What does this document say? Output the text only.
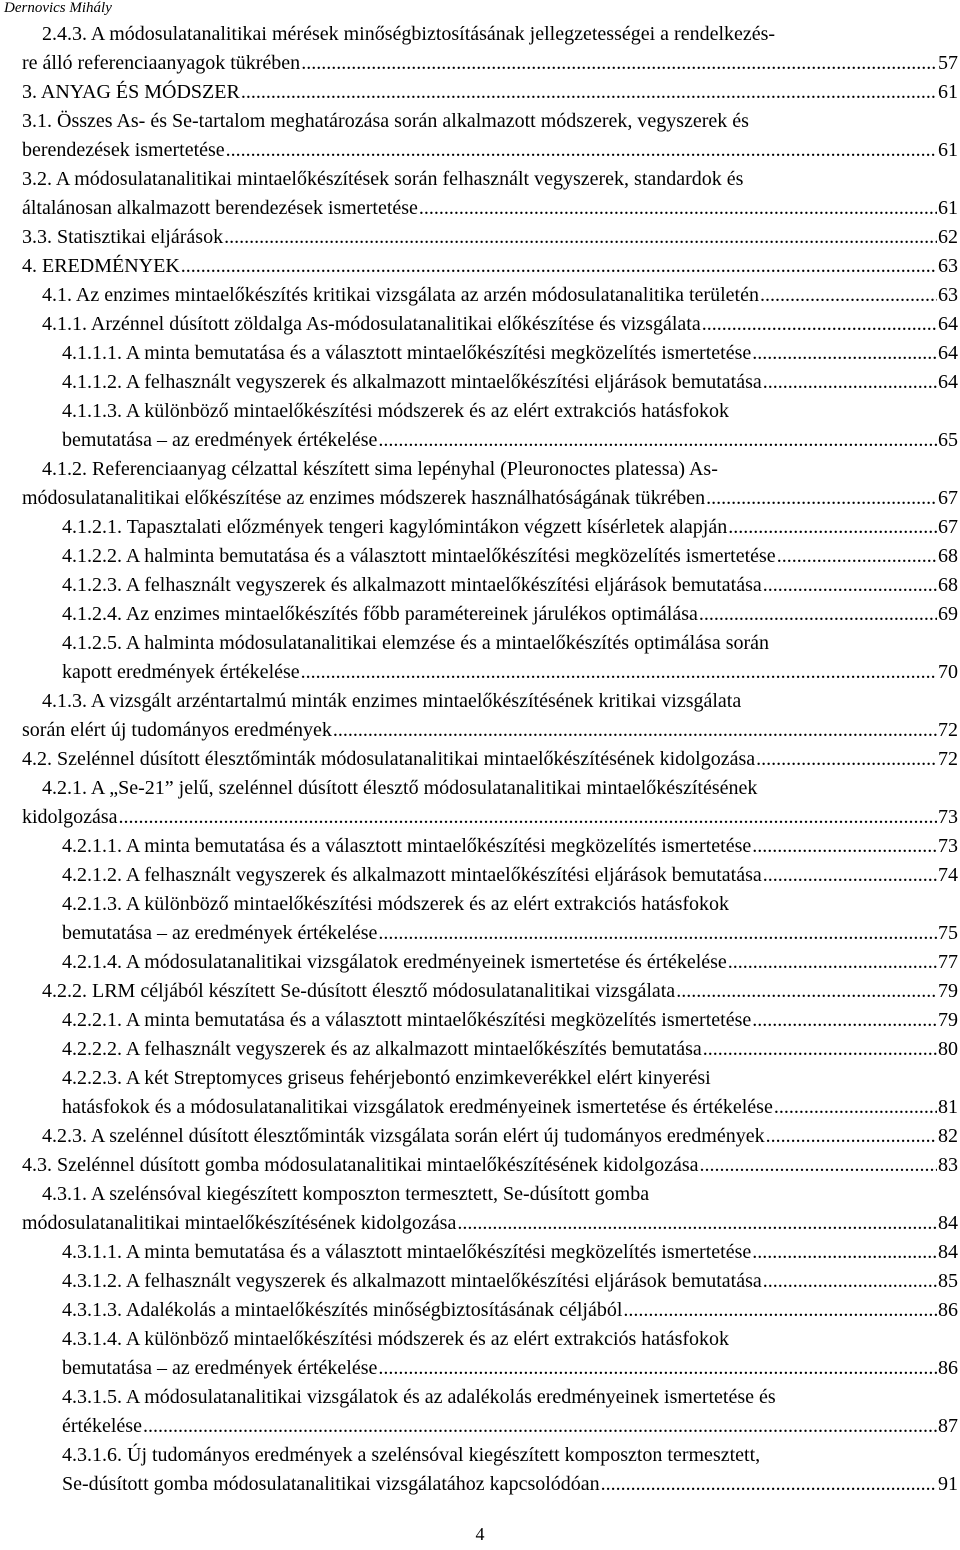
Dernovics Mihály
2.4.3. A módosulatanalitikai mérések minőségbiztosításának jellegzetességei a rendelkezés-
re álló referenciaanyagok tükrében .....	57
3. ANYAG ÉS MÓDSZER .....	61
3.1. Összes As- és Se-tartalom meghatározása során alkalmazott módszerek, vegyszerek és
berendezések ismertetése .....	61
3.2. A módosulatanalitikai mintaelőkészítések során felhasznált vegyszerek, standardok és
általánosan alkalmazott berendezések ismertetése .....	61
3.3. Statisztikai eljárások .....	62
4. EREDMÉNYEK .....	63
4.1. Az enzimes mintaelőkészítés kritikai vizsgálata az arzén módosulatanalitika területén .....	63
4.1.1. Arzénnel dúsított zöldalga As-módosulatanalitikai előkészítése és vizsgálata .....	64
4.1.1.1. A minta bemutatása és a választott mintaelőkészítési megközelítés ismertetése .....	64
4.1.1.2. A felhasznált vegyszerek és alkalmazott mintaelőkészítési eljárások bemutatása .....	64
4.1.1.3. A különböző mintaelőkészítési módszerek és az elért extrakciós hatásfokok
bemutatása – az eredmények értékelése .....	65
4.1.2. Referenciaanyag célzattal készített sima lepényhal (Pleuronoctes platessa) As-
módosulatanalitikai előkészítése az enzimes módszerek használhatóságának tükrében .....	67
4.1.2.1. Tapasztalati előzmények tengeri kagylómintákon végzett kísérletek alapján .....	67
4.1.2.2. A halminta bemutatása és a választott mintaelőkészítési megközelítés ismertetése .....	68
4.1.2.3. A felhasznált vegyszerek és alkalmazott mintaelőkészítési eljárások bemutatása .....	68
4.1.2.4. Az enzimes mintaelőkészítés főbb paramétereinek járulékos optimálása .....	69
4.1.2.5. A halminta módosulatanalitikai elemzése és a mintaelőkészítés optimálása során
kapott eredmények értékelése .....	70
4.1.3. A vizsgált arzéntartalmú minták enzimes mintaelőkészítésének kritikai vizsgálata
során elért új tudományos eredmények .....	72
4.2. Szelénnel dúsított élesztőminták módosulatanalitikai mintaelőkészítésének kidolgozása .....	72
4.2.1. A „Se-21” jelű, szelénnel dúsított élesztő módosulatanalitikai mintaelőkészítésének
kidolgozása .....	73
4.2.1.1. A minta bemutatása és a választott mintaelőkészítési megközelítés ismertetése .....	73
4.2.1.2. A felhasznált vegyszerek és alkalmazott mintaelőkészítési eljárások bemutatása .....	74
4.2.1.3. A különböző mintaelőkészítési módszerek és az elért extrakciós hatásfokok
bemutatása – az eredmények értékelése .....	75
4.2.1.4. A módosulatanalitikai vizsgálatok eredményeinek ismertetése és értékelése .....	77
4.2.2. LRM céljából készített Se-dúsított élesztő módosulatanalitikai vizsgálata .....	79
4.2.2.1. A minta bemutatása és a választott mintaelőkészítési megközelítés ismertetése .....	79
4.2.2.2. A felhasznált vegyszerek és az alkalmazott mintaelőkészítés bemutatása .....	80
4.2.2.3. A két Streptomyces griseus fehérjebontó enzimkeverékkel elért kinyerési
hatásfokok és a módosulatanalitikai vizsgálatok eredményeinek ismertetése és értékelése .....	81
4.2.3. A szelénnel dúsított élesztőminták vizsgálata során elért új tudományos eredmények .....	82
4.3. Szelénnel dúsított gomba módosulatanalitikai mintaelőkészítésének kidolgozása .....	83
4.3.1. A szelénsóval kiegészített komposzton termesztett, Se-dúsított gomba
módosulatanalitikai mintaelőkészítésének kidolgozása .....	84
4.3.1.1. A minta bemutatása és a választott mintaelőkészítési megközelítés ismertetése .....	84
4.3.1.2. A felhasznált vegyszerek és alkalmazott mintaelőkészítési eljárások bemutatása .....	85
4.3.1.3. Adalékolás a mintaelőkészítés minőségbiztosításának céljából .....	86
4.3.1.4. A különböző mintaelőkészítési módszerek és az elért extrakciós hatásfokok
bemutatása – az eredmények értékelése .....	86
4.3.1.5. A módosulatanalitikai vizsgálatok és az adalékolás eredményeinek ismertetése és
értékelése .....	87
4.3.1.6. Új tudományos eredmények a szelénsóval kiegészített komposzton termesztett,
Se-dúsított gomba módosulatanalitikai vizsgálatához kapcsolódóan .....	91
4
